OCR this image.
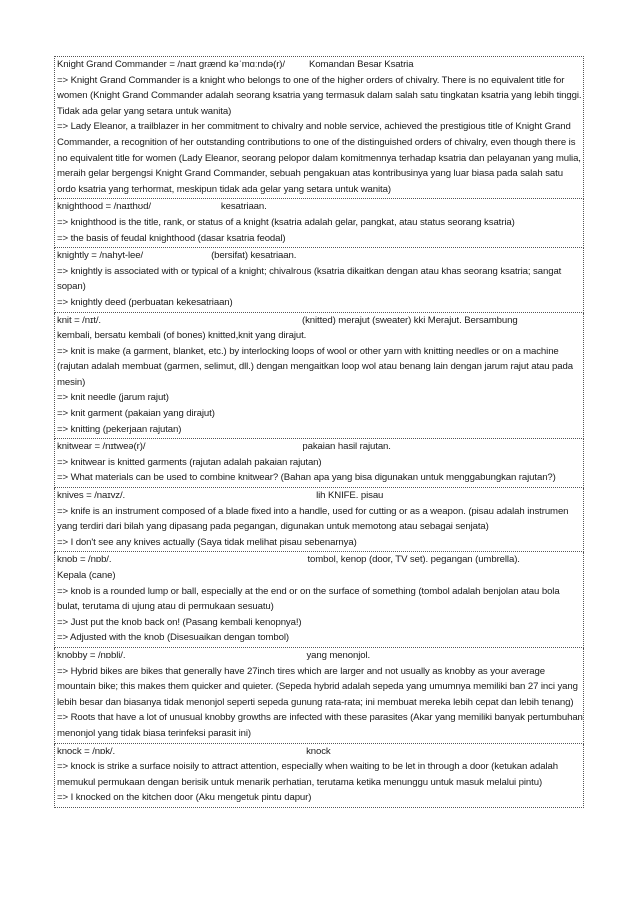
Knight Grand Commander = /naɪt grænd kəˈmɑːndə(r)/	Komandan Besar Ksatria
=> Knight Grand Commander is a knight who belongs to one of the higher orders of chivalry. There is no equivalent title for women (Knight Grand Commander adalah seorang ksatria yang termasuk dalam salah satu tingkatan ksatria yang lebih tinggi. Tidak ada gelar yang setara untuk wanita)
=> Lady Eleanor, a trailblazer in her commitment to chivalry and noble service, achieved the prestigious title of Knight Grand Commander, a recognition of her outstanding contributions to one of the distinguished orders of chivalry, even though there is no equivalent title for women (Lady Eleanor, seorang pelopor dalam komitmennya terhadap ksatria dan pelayanan yang mulia, meraih gelar bergengsi Knight Grand Commander, sebuah pengakuan atas kontribusinya yang luar biasa pada salah satu ordo ksatria yang terhormat, meskipun tidak ada gelar yang setara untuk wanita)
knighthood = /naɪthʊd/	kesatriaan.
=> knighthood is the title, rank, or status of a knight (ksatria adalah gelar, pangkat, atau status seorang ksatria)
=> the basis of feudal knighthood (dasar ksatria feodal)
knightly = /nahyt-lee/	(bersifat) kesatriaan.
=> knightly is associated with or typical of a knight; chivalrous (ksatria dikaitkan dengan atau khas seorang ksatria; sangat sopan)
=> knightly deed (perbuatan kekesatriaan)
knit = /nɪt/.	(knitted) merajut (sweater) kki Merajut. Bersambung
kembali, bersatu kembali (of bones) knitted,knit yang dirajut.
=> knit is make (a garment, blanket, etc.) by interlocking loops of wool or other yarn with knitting needles or on a machine (rajutan adalah membuat (garmen, selimut, dll.) dengan mengaitkan loop wol atau benang lain dengan jarum rajut atau pada mesin)
=> knit needle (jarum rajut)
=> knit garment (pakaian yang dirajut)
=> knitting (pekerjaan rajutan)
knitwear = /nɪtweə(r)/	pakaian hasil rajutan.
=> knitwear is knitted garments (rajutan adalah pakaian rajutan)
=> What materials can be used to combine knitwear? (Bahan apa yang bisa digunakan untuk menggabungkan rajutan?)
knives = /naɪvz/.	lih KNIFE. pisau
=> knife is an instrument composed of a blade fixed into a handle, used for cutting or as a weapon. (pisau adalah instrumen yang terdiri dari bilah yang dipasang pada pegangan, digunakan untuk memotong atau sebagai senjata)
=> I don't see any knives actually (Saya tidak melihat pisau sebenarnya)
knob = /nɒb/.	tombol, kenop (door, TV set). pegangan (umbrella).
Kepala (cane)
=> knob is a rounded lump or ball, especially at the end or on the surface of something (tombol adalah benjolan atau bola bulat, terutama di ujung atau di permukaan sesuatu)
=> Just put the knob back on! (Pasang kembali kenopnya!)
=> Adjusted with the knob (Disesuaikan dengan tombol)
knobby = /nɒbli/.	yang menonjol.
=> Hybrid bikes are bikes that generally have 27inch tires which are larger and not usually as knobby as your average mountain bike; this makes them quicker and quieter. (Sepeda hybrid adalah sepeda yang umumnya memiliki ban 27 inci yang lebih besar dan biasanya tidak menonjol seperti sepeda gunung rata-rata; ini membuat mereka lebih cepat dan lebih tenang)
=> Roots that have a lot of unusual knobby growths are infected with these parasites (Akar yang memiliki banyak pertumbuhan menonjol yang tidak biasa terinfeksi parasit ini)
knock = /nɒk/.	knock
=> knock is strike a surface noisily to attract attention, especially when waiting to be let in through a door (ketukan adalah memukul permukaan dengan berisik untuk menarik perhatian, terutama ketika menunggu untuk masuk melalui pintu)
=> I knocked on the kitchen door (Aku mengetuk pintu dapur)
